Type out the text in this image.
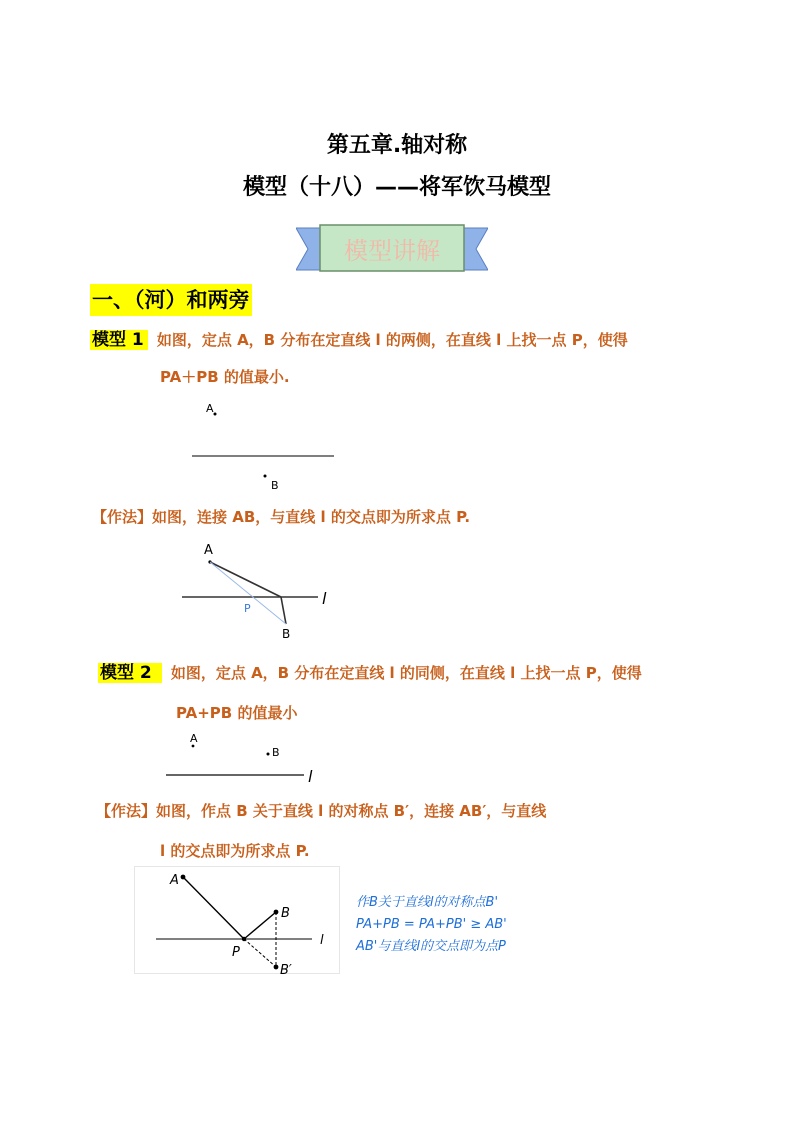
第五章.轴对称
模型（十八）——将军饮马模型
模型讲解
一、（河）和两旁
模型 1 如图，定点 A，B 分布在定直线 l 的两侧，在直线 l 上找一点 P，使得
PA＋PB 的值最小.
A
B
【作法】如图，连接 AB，与直线 l 的交点即为所求点 P.
A
l
P
B
模型 2 如图，定点 A，B 分布在定直线 l 的同侧，在直线 l 上找一点 P，使得
PA+PB 的值最小
A
B
l
【作法】如图，作点 B 关于直线 l 的对称点 B′，连接 AB′，与直线
l 的交点即为所求点 P.
A
l
B
P
B′
作B关于直线l的对称点B'
PA+PB = PA+PB' ≥ AB'
AB'与直线l的交点即为点P
